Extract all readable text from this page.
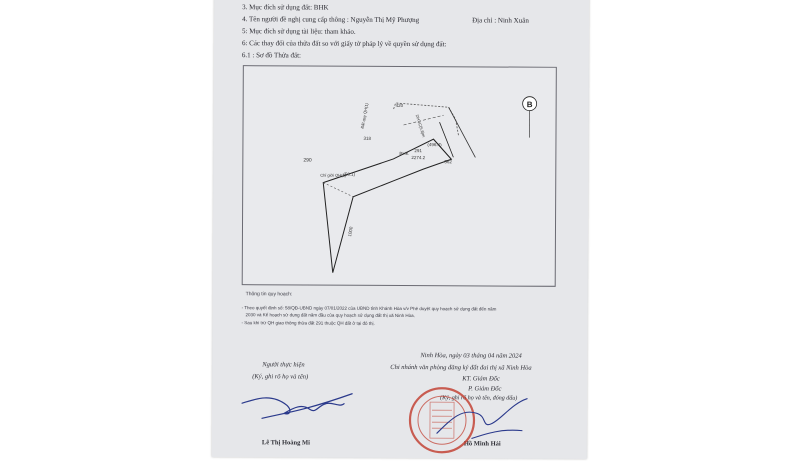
3. Mục đích sử dụng đất: BHK
4. Tên người đề nghị cung cấp thông : Nguyễn Thị Mỹ Phượng	Địa chỉ : Ninh Xuân
5: Mục đích sử dụng tài liệu: tham khảo.
6: Các thay đổi của thửa đất so với giấy tờ pháp lý về quyền sử dụng đất:
6.1 : Sơ đồ Thửa đất:
B
290
318
BHK
291
2274.2
562
420
(496.4)
(56.1)
Chỉ giới QH(2)
Đất quy QH(1)	DH 1C(5.8)m
1000
Thông tin quy hoạch:
- Theo quyết định số: 58/QĐ-UBND ngày 07/01/2022 của UBND tỉnh Khánh Hòa v/v Phê duyệt quy hoạch sử dụng đất đến năm
2030 và Kế hoạch sử dụng đất năm đầu của quy hoạch sử dụng đất thị xã Ninh Hòa.
- Sau khi trừ QH giao thông thửa đất 291 thuộc QH đất ở tại đô thị.
Ninh Hòa, ngày 03 tháng 04 năm 2024
Chi nhánh văn phòng đăng ký đất đai thị xã Ninh Hòa
KT. Giám Đốc
P. Giám Đốc
(Ký, ghi rõ họ và tên, đóng dấu)
Hồ Minh Hải
Người thực hiện
(Ký, ghi rõ họ và tên)
Lê Thị Hoàng Mi
